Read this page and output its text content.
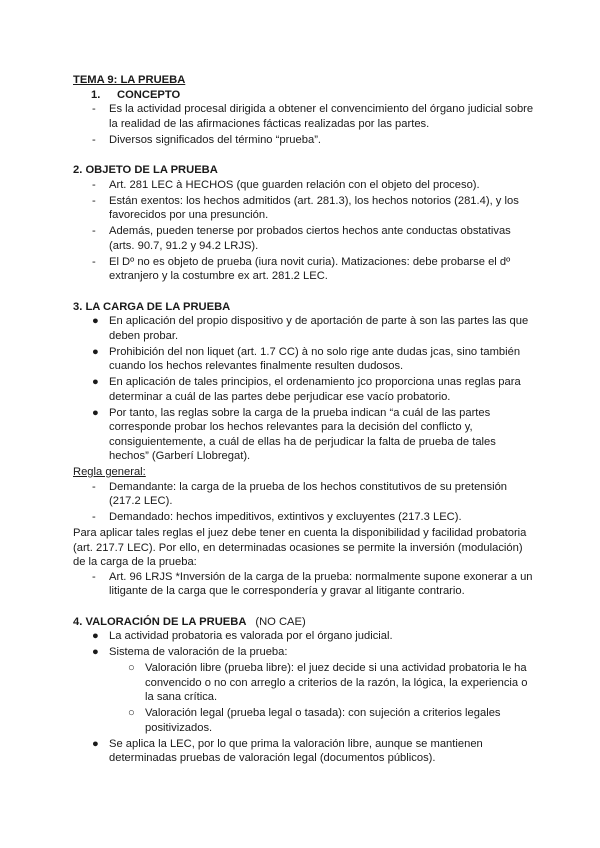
TEMA 9: LA PRUEBA
1. CONCEPTO
- Es la actividad procesal dirigida a obtener el convencimiento del órgano judicial sobre la realidad de las afirmaciones fácticas realizadas por las partes.
- Diversos significados del término “prueba”.
2. OBJETO DE LA PRUEBA
- Art. 281 LEC à HECHOS (que guarden relación con el objeto del proceso).
- Están exentos: los hechos admitidos (art. 281.3), los hechos notorios (281.4), y los favorecidos por una presunción.
- Además, pueden tenerse por probados ciertos hechos ante conductas obstativas (arts. 90.7, 91.2 y 94.2 LRJS).
- El Dº no es objeto de prueba (iura novit curia). Matizaciones: debe probarse el dº extranjero y la costumbre ex art. 281.2 LEC.
3. LA CARGA DE LA PRUEBA
● En aplicación del propio dispositivo y de aportación de parte à son las partes las que deben probar.
● Prohibición del non liquet (art. 1.7 CC) à no solo rige ante dudas jcas, sino también cuando los hechos relevantes finalmente resulten dudosos.
● En aplicación de tales principios, el ordenamiento jco proporciona unas reglas para determinar a cuál de las partes debe perjudicar ese vacío probatorio.
● Por tanto, las reglas sobre la carga de la prueba indican “a cuál de las partes corresponde probar los hechos relevantes para la decisión del conflicto y, consiguientemente, a cuál de ellas ha de perjudicar la falta de prueba de tales hechos” (Garberí Llobregat).
Regla general:
- Demandante: la carga de la prueba de los hechos constitutivos de su pretensión (217.2 LEC).
- Demandado: hechos impeditivos, extintivos y excluyentes (217.3 LEC).
Para aplicar tales reglas el juez debe tener en cuenta la disponibilidad y facilidad probatoria (art. 217.7 LEC). Por ello, en determinadas ocasiones se permite la inversión (modulación) de la carga de la prueba:
- Art. 96 LRJS *Inversión de la carga de la prueba: normalmente supone exonerar a un litigante de la carga que le correspondería y gravar al litigante contrario.
4. VALORACIÓN DE LA PRUEBA (NO CAE)
● La actividad probatoria es valorada por el órgano judicial.
● Sistema de valoración de la prueba:
○ Valoración libre (prueba libre): el juez decide si una actividad probatoria le ha convencido o no con arreglo a criterios de la razón, la lógica, la experiencia o la sana crítica.
○ Valoración legal (prueba legal o tasada): con sujeción a criterios legales positivizados.
● Se aplica la LEC, por lo que prima la valoración libre, aunque se mantienen determinadas pruebas de valoración legal (documentos públicos).
